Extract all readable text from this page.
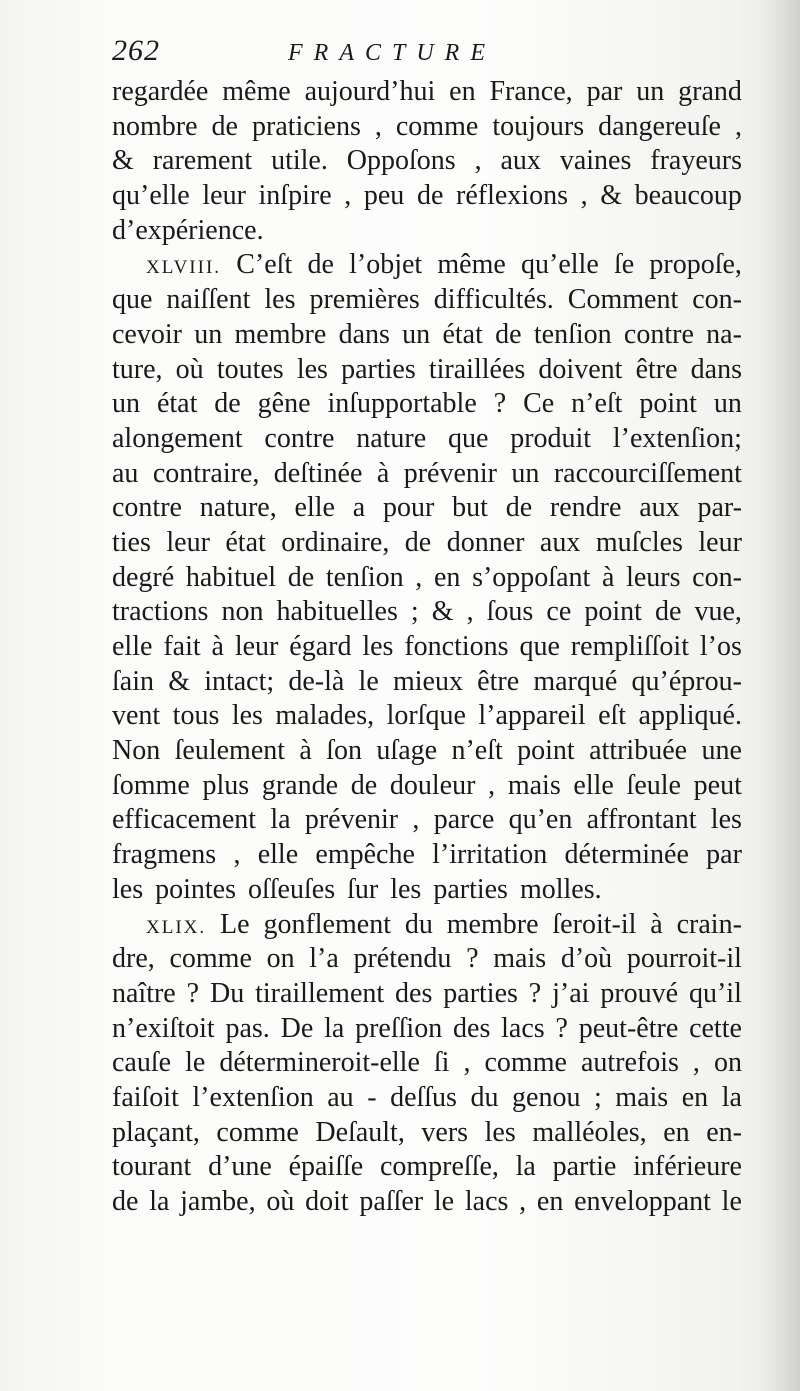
262	FRACTURE
regardée même aujourd’hui en France, par un grand
nombre de praticiens , comme toujours dangereuſe ,
& rarement utile. Oppoſons , aux vaines frayeurs
qu’elle leur inſpire , peu de réflexions , & beaucoup
d’expérience.
XLVIII. C’eſt de l’objet même qu’elle ſe propoſe,
que naiſſent les premières difficultés. Comment con-
cevoir un membre dans un état de tenſion contre na-
ture, où toutes les parties tiraillées doivent être dans
un état de gêne inſupportable ? Ce n’eſt point un
alongement contre nature que produit l’extenſion;
au contraire, deſtinée à prévenir un raccourciſſement
contre nature, elle a pour but de rendre aux par-
ties leur état ordinaire, de donner aux muſcles leur
degré habituel de tenſion , en s’oppoſant à leurs con-
tractions non habituelles ; & , ſous ce point de vue,
elle fait à leur égard les fonctions que rempliſſoit l’os
ſain & intact; de-là le mieux être marqué qu’éprou-
vent tous les malades, lorſque l’appareil eſt appliqué.
Non ſeulement à ſon uſage n’eſt point attribuée une
ſomme plus grande de douleur , mais elle ſeule peut
efficacement la prévenir , parce qu’en affrontant les
fragmens , elle empêche l’irritation déterminée par
les pointes oſſeuſes ſur les parties molles.
XLIX. Le gonflement du membre ſeroit-il à crain-
dre, comme on l’a prétendu ? mais d’où pourroit-il
naître ? Du tiraillement des parties ? j’ai prouvé qu’il
n’exiſtoit pas. De la preſſion des lacs ? peut-être cette
cauſe le détermineroit-elle ſi , comme autrefois , on
faiſoit l’extenſion au - deſſus du genou ; mais en la
plaçant, comme Deſault, vers les malléoles, en en-
tourant d’une épaiſſe compreſſe, la partie inférieure
de la jambe, où doit paſſer le lacs , en enveloppant le
